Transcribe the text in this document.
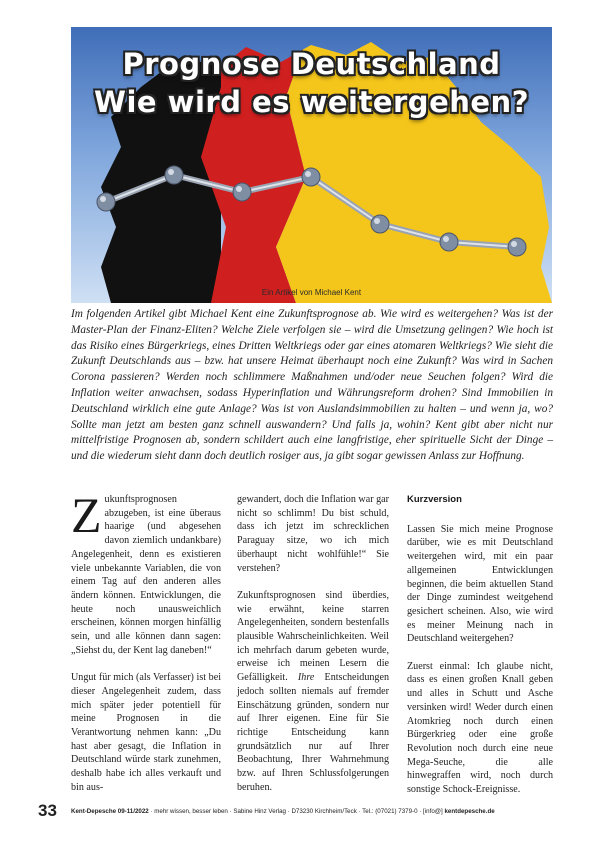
Prognose Deutschland
Wie wird es weitergehen?
Ein Artikel von Michael Kent
Im folgenden Artikel gibt Michael Kent eine Zukunftsprognose ab. Wie wird es weitergehen? Was ist der Master-Plan der Finanz-Eliten? Welche Ziele verfolgen sie – wird die Umsetzung gelingen? Wie hoch ist das Risiko eines Bürgerkriegs, eines Dritten Weltkriegs oder gar eines atomaren Weltkriegs? Wie sieht die Zukunft Deutschlands aus – bzw. hat unsere Heimat überhaupt noch eine Zukunft? Was wird in Sachen Corona passieren? Werden noch schlimmere Maßnahmen und/oder neue Seuchen folgen? Wird die Inflation weiter anwachsen, sodass Hyperinflation und Währungsreform drohen? Sind Immobilien in Deutschland wirklich eine gute Anlage? Was ist von Auslandsimmobilien zu halten – und wenn ja, wo? Sollte man jetzt am besten ganz schnell auswandern? Und falls ja, wohin? Kent gibt aber nicht nur mittelfristige Prognosen ab, sondern schildert auch eine langfristige, eher spirituelle Sicht der Dinge – und die wiederum sieht dann doch deutlich rosiger aus, ja gibt sogar gewissen Anlass zur Hoffnung.

Zukunftsprognosen abzugeben, ist eine überaus haarige (und abgesehen davon ziemlich undankbare) Angelegenheit, denn es existieren viele unbekannte Variablen, die von einem Tag auf den anderen alles ändern können. Entwicklungen, die heute noch unausweichlich erscheinen, können morgen hinfällig sein, und alle können dann sagen: „Siehst du, der Kent lag daneben!“

Ungut für mich (als Verfasser) ist bei dieser Angelegenheit zudem, dass mich später jeder potentiell für meine Prognosen in die Verantwortung nehmen kann: „Du hast aber gesagt, die Inflation in Deutschland würde stark zunehmen, deshalb habe ich alles verkauft und bin aus-

gewandert, doch die Inflation war gar nicht so schlimm! Du bist schuld, dass ich jetzt im schrecklichen Paraguay sitze, wo ich mich überhaupt nicht wohlfühle!“ Sie verstehen?

Zukunftsprognosen sind überdies, wie erwähnt, keine starren Angelegenheiten, sondern bestenfalls plausible Wahrscheinlichkeiten. Weil ich mehrfach darum gebeten wurde, erweise ich meinen Lesern die Gefälligkeit. Ihre Entscheidungen jedoch sollten niemals auf fremder Einschätzung gründen, sondern nur auf Ihrer eigenen. Eine für Sie richtige Entscheidung kann grundsätzlich nur auf Ihrer Beobachtung, Ihrer Wahrnehmung bzw. auf Ihren Schlussfolgerungen beruhen.

Kurzversion

Lassen Sie mich meine Prognose darüber, wie es mit Deutschland weitergehen wird, mit ein paar allgemeinen Entwicklungen beginnen, die beim aktuellen Stand der Dinge zumindest weitgehend gesichert scheinen. Also, wie wird es meiner Meinung nach in Deutschland weitergehen?

Zuerst einmal: Ich glaube nicht, dass es einen großen Knall geben und alles in Schutt und Asche versinken wird! Weder durch einen Atomkrieg noch durch einen Bürgerkrieg oder eine große Revolution noch durch eine neue Mega-Seuche, die alle hinwegraffen wird, noch durch sonstige Schock-Ereignisse.

33 Kent-Depesche 09-11/2022 · mehr wissen, besser leben · Sabine Hinz Verlag · D73230 Kirchheim/Teck · Tel.: (07021) 7379-0 · [info@] kentdepesche.de
